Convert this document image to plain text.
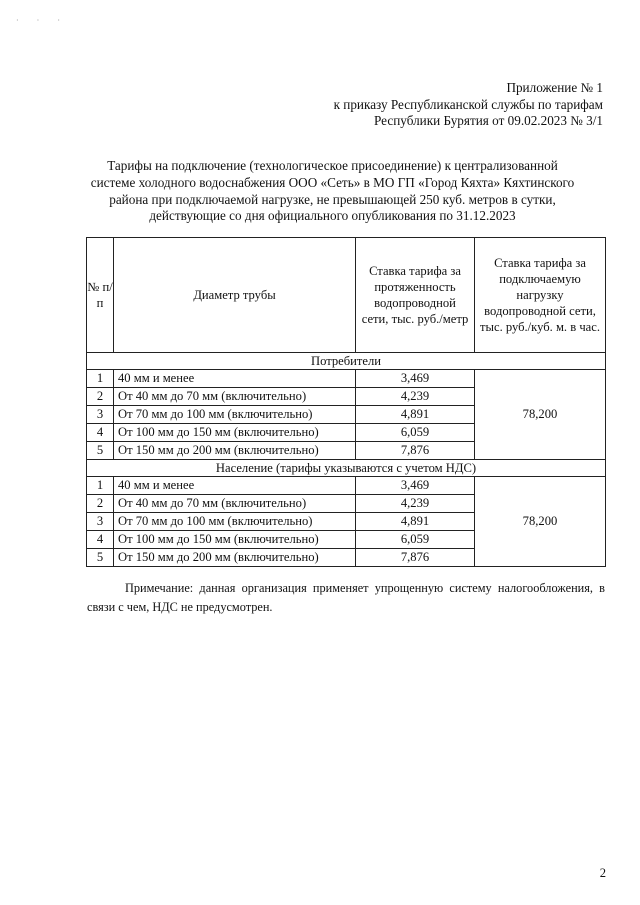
· · ·
Приложение № 1
к приказу Республиканской службы по тарифам
Республики Бурятия от 09.02.2023 № 3/1
Тарифы на подключение (технологическое присоединение) к централизованной
системе холодного водоснабжения ООО «Сеть» в МО ГП «Город Кяхта» Кяхтинского
района при подключаемой нагрузке, не превышающей 250 куб. метров в сутки,
действующие со дня официального опубликования по 31.12.2023
№ п/п	Диаметр трубы	Ставка тарифа за протяженность водопроводной сети, тыс. руб./метр	Ставка тарифа за подключаемую нагрузку водопроводной сети, тыс. руб./куб. м. в час.
Потребители			
1	40 мм и менее	3,469	78,200
2	От 40 мм до 70 мм (включительно)	4,239	
3	От 70 мм до 100 мм (включительно)	4,891	
4	От 100 мм до 150 мм (включительно)	6,059	
5	От 150 мм до 200 мм (включительно)	7,876	
Население (тарифы указываются с учетом НДС)			
1	40 мм и менее	3,469	78,200
2	От 40 мм до 70 мм (включительно)	4,239	
3	От 70 мм до 100 мм (включительно)	4,891	
4	От 100 мм до 150 мм (включительно)	6,059	
5	От 150 мм до 200 мм (включительно)	7,876	
Примечание: данная организация применяет упрощенную систему налогообложения, в связи с чем, НДС не предусмотрен.
2
